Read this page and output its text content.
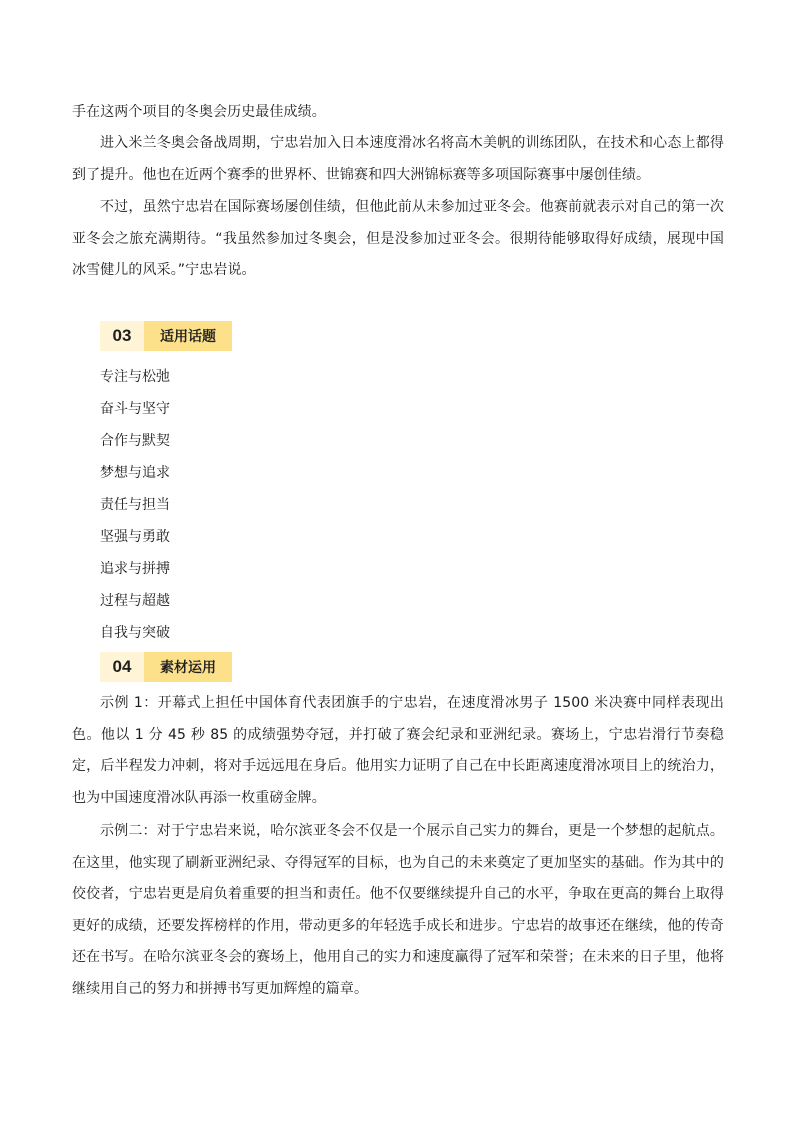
手在这两个项目的冬奥会历史最佳成绩。

进入米兰冬奥会备战周期，宁忠岩加入日本速度滑冰名将高木美帆的训练团队，在技术和心态上都得到了提升。他也在近两个赛季的世界杯、世锦赛和四大洲锦标赛等多项国际赛事中屡创佳绩。

不过，虽然宁忠岩在国际赛场屡创佳绩，但他此前从未参加过亚冬会。他赛前就表示对自己的第一次亚冬会之旅充满期待。“我虽然参加过冬奥会，但是没参加过亚冬会。很期待能够取得好成绩，展现中国冰雪健儿的风采。”宁忠岩说。

03	适用话题
专注与松弛
奋斗与坚守
合作与默契
梦想与追求
责任与担当
坚强与勇敢
追求与拼搏
过程与超越
自我与突破
04	素材运用

示例 1：开幕式上担任中国体育代表团旗手的宁忠岩，在速度滑冰男子 1500 米决赛中同样表现出色。他以 1 分 45 秒 85 的成绩强势夺冠，并打破了赛会纪录和亚洲纪录。赛场上，宁忠岩滑行节奏稳定，后半程发力冲刺，将对手远远甩在身后。他用实力证明了自己在中长距离速度滑冰项目上的统治力，也为中国速度滑冰队再添一枚重磅金牌。

示例二：对于宁忠岩来说，哈尔滨亚冬会不仅是一个展示自己实力的舞台，更是一个梦想的起航点。在这里，他实现了刷新亚洲纪录、夺得冠军的目标，也为自己的未来奠定了更加坚实的基础。作为其中的佼佼者，宁忠岩更是肩负着重要的担当和责任。他不仅要继续提升自己的水平，争取在更高的舞台上取得更好的成绩，还要发挥榜样的作用，带动更多的年轻选手成长和进步。宁忠岩的故事还在继续，他的传奇还在书写。在哈尔滨亚冬会的赛场上，他用自己的实力和速度赢得了冠军和荣誉；在未来的日子里，他将继续用自己的努力和拼搏书写更加辉煌的篇章。
